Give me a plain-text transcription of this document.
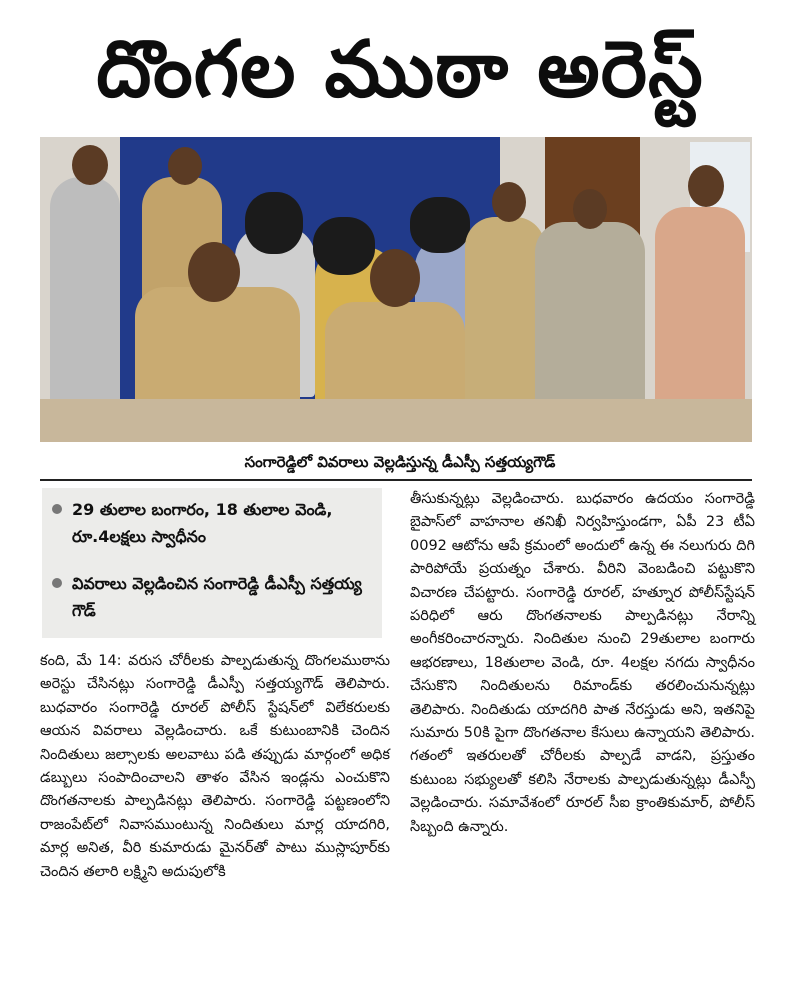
దొంగల ముఠా అరెస్ట్
సంగారెడ్డిలో వివరాలు వెల్లడిస్తున్న డీఎస్పీ సత్తయ్యగౌడ్
29 తులాల బంగారం, 18 తులాల వెండి, రూ.4లక్షలు స్వాధీనం
వివరాలు వెల్లడించిన సంగారెడ్డి డీఎస్పీ సత్తయ్య గౌడ్

కంది, మే 14: వరుస చోరీలకు పాల్పడుతున్న దొంగలముఠాను అరెస్టు చేసినట్లు సంగారెడ్డి డీఎస్పీ సత్తయ్యగౌడ్ తెలిపారు. బుధవారం సంగారెడ్డి రూరల్ పోలీస్ స్టేషన్‌లో విలేకరులకు ఆయన వివరాలు వెల్లడించారు. ఒకే కుటుంబానికి చెందిన నిందితులు జల్సాలకు అలవాటు పడి తప్పుడు మార్గంలో అధిక డబ్బులు సంపాదించాలని తాళం వేసిన ఇండ్లను ఎంచుకొని దొంగతనాలకు పాల్పడినట్లు తెలిపారు. సంగారెడ్డి పట్టణంలోని రాజంపేట్‌లో నివాసముంటున్న నిందితులు మార్ల యాదగిరి, మార్ల అనిత, వీరి కుమారుడు మైనర్‌తో పాటు ముస్లాపూర్‌కు చెందిన తలారి లక్ష్మిని అదుపులోకి

తీసుకున్నట్లు వెల్లడించారు. బుధవారం ఉదయం సంగారెడ్డి బైపాస్‌లో వాహనాల తనిఖీ నిర్వహిస్తుండగా, ఏపీ 23 టీఏ 0092 ఆటోను ఆపే క్రమంలో అందులో ఉన్న ఈ నలుగురు దిగి పారిపోయే ప్రయత్నం చేశారు. వీరిని వెంబడించి పట్టుకొని విచారణ చేపట్టారు. సంగారెడ్డి రూరల్, హత్నూర పోలీస్‌స్టేషన్ పరిధిలో ఆరు దొంగతనాలకు పాల్పడినట్లు నేరాన్ని అంగీకరించారన్నారు. నిందితుల నుంచి 29తులాల బంగారు ఆభరణాలు, 18తులాల వెండి, రూ. 4లక్షల నగదు స్వాధీనం చేసుకొని నిందితులను రిమాండ్‌కు తరలించునున్నట్లు తెలిపారు. నిందితుడు యాదగిరి పాత నేరస్తుడు అని, ఇతనిపై సుమారు 50కి పైగా దొంగతనాల కేసులు ఉన్నాయని తెలిపారు. గతంలో ఇతరులతో చోరీలకు పాల్పడే వాడని, ప్రస్తుతం కుటుంబ సభ్యులతో కలిసి నేరాలకు పాల్పడుతున్నట్లు డీఎస్పీ వెల్లడించారు. సమావేశంలో రూరల్ సీఐ క్రాంతికుమార్, పోలీస్ సిబ్బంది ఉన్నారు.
